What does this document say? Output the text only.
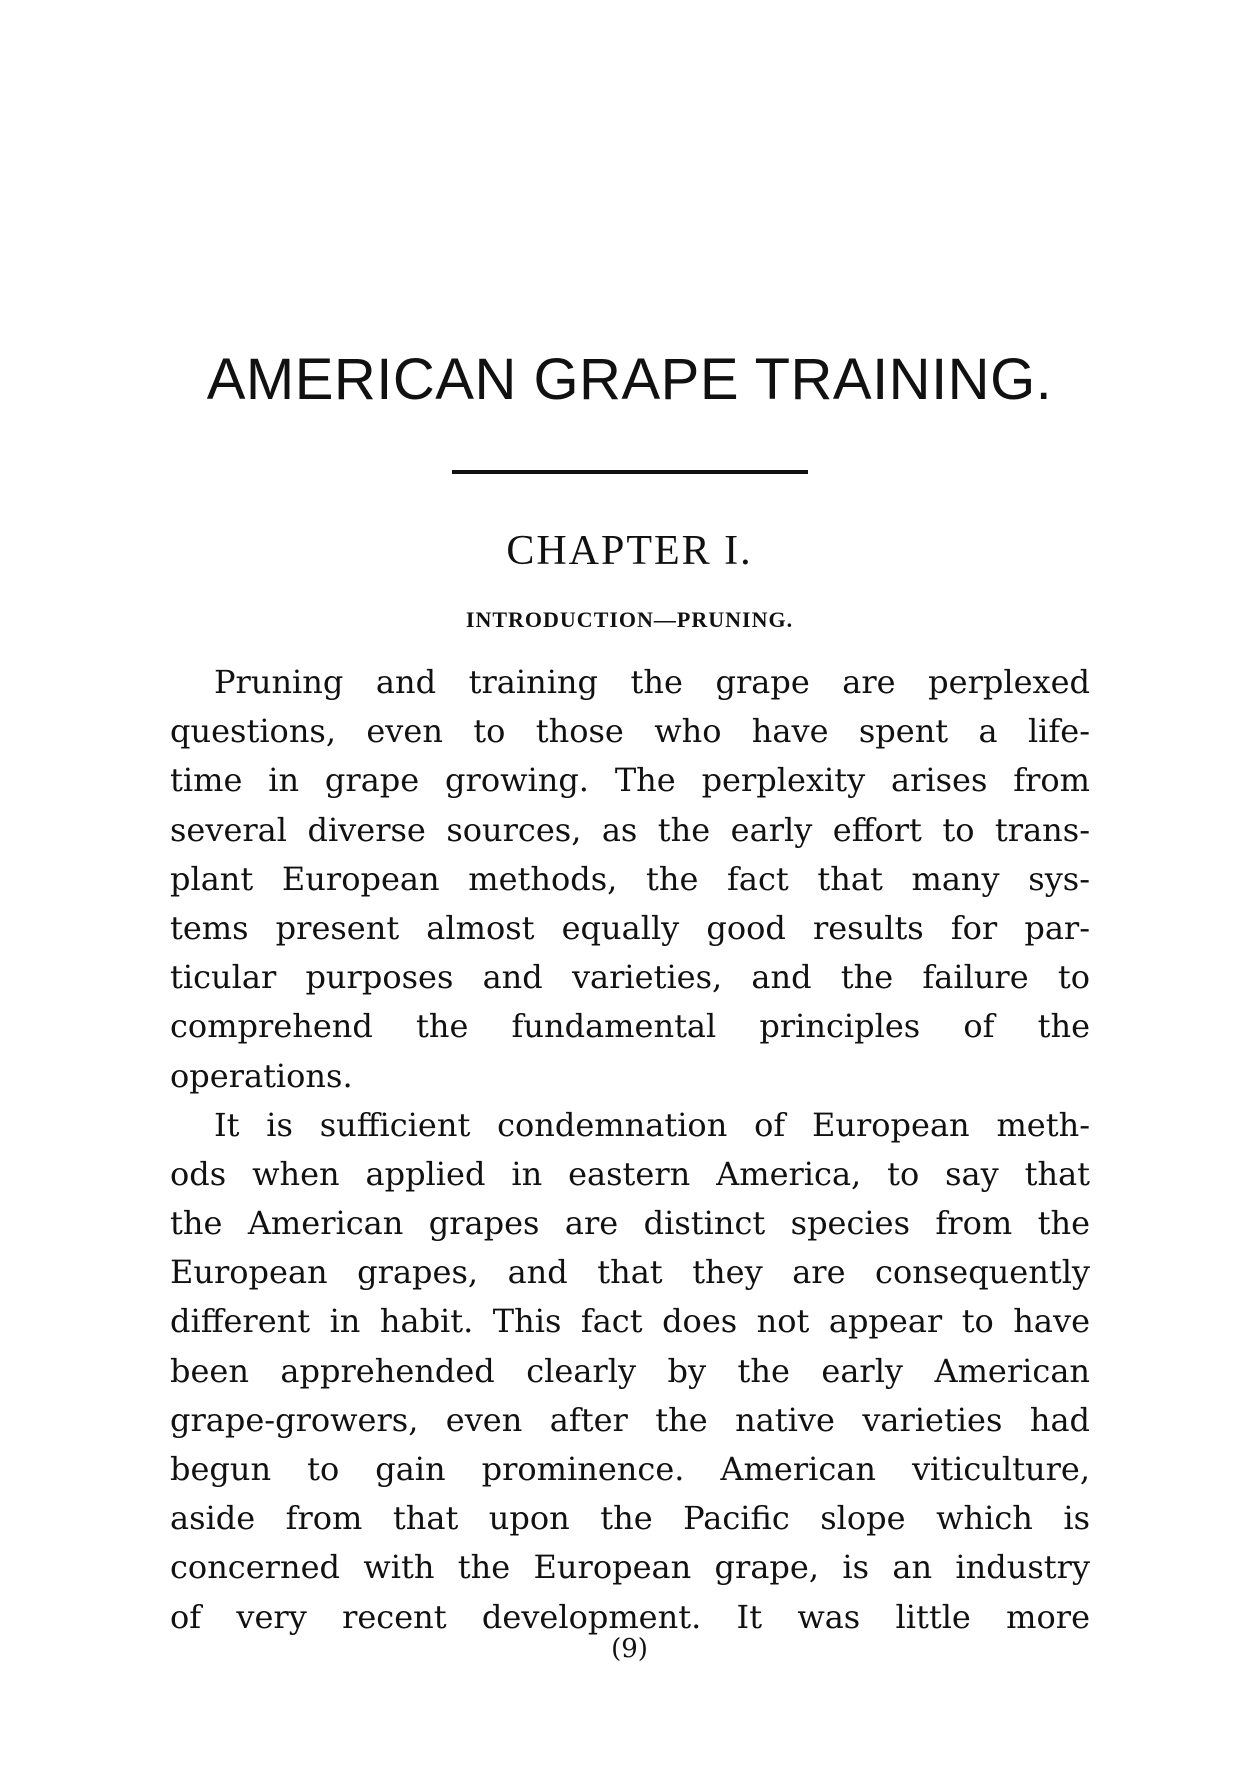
AMERICAN GRAPE TRAINING.
CHAPTER I.
INTRODUCTION—PRUNING.
Pruning and training the grape are perplexed
questions, even to those who have spent a life-
time in grape growing. The perplexity arises from
several diverse sources, as the early effort to trans-
plant European methods, the fact that many sys-
tems present almost equally good results for par-
ticular purposes and varieties, and the failure to
comprehend the fundamental principles of the
operations.
It is sufficient condemnation of European meth-
ods when applied in eastern America, to say that
the American grapes are distinct species from the
European grapes, and that they are consequently
different in habit. This fact does not appear to have
been apprehended clearly by the early American
grape-growers, even after the native varieties had
begun to gain prominence. American viticulture,
aside from that upon the Pacific slope which is
concerned with the European grape, is an industry
of very recent development. It was little more
(9)
